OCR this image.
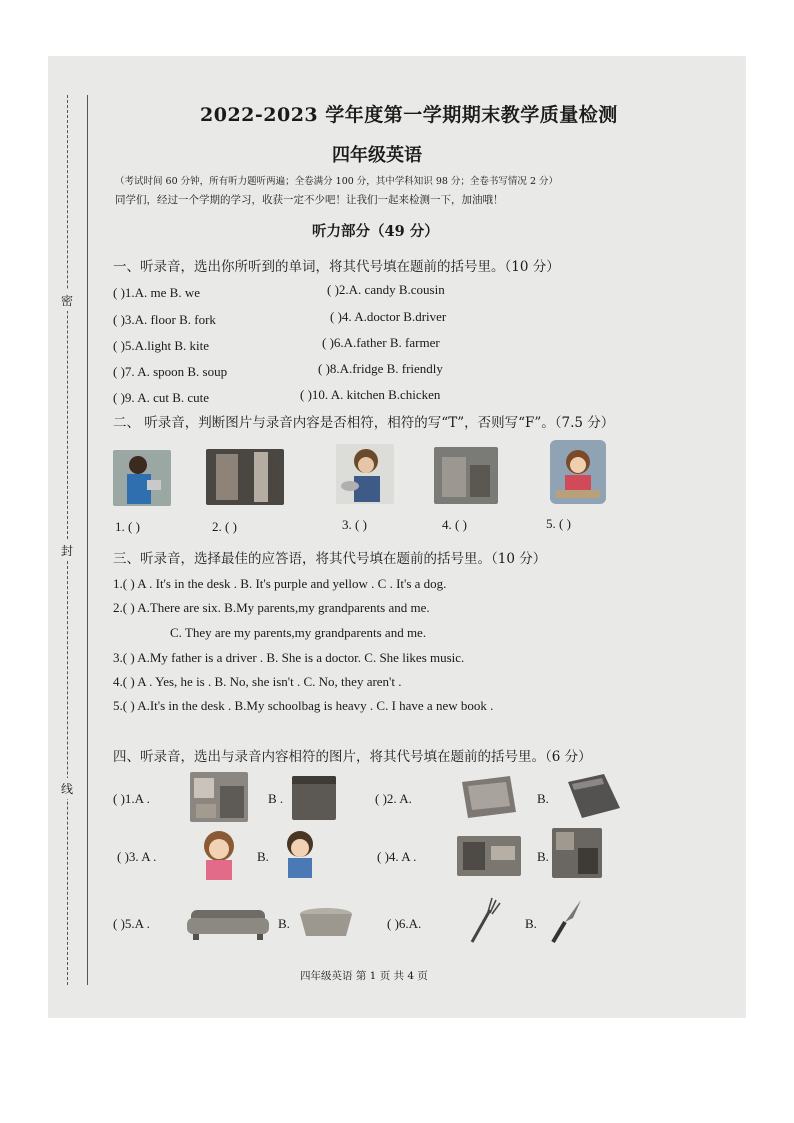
密
封
线
2022-2023 学年度第一学期期末教学质量检测
四年级英语
（考试时间 60 分钟，所有听力题听两遍；全卷满分 100 分，其中学科知识 98 分；全卷书写情况 2 分）
同学们，经过一个学期的学习，收获一定不少吧！让我们一起来检测一下，加油哦！
听力部分（49 分）
一、听录音，选出你所听到的单词，将其代号填在题前的括号里。（10 分）
( )1.A. me B. we	( )2.A. candy B.cousin
( )3.A. floor B. fork	( )4. A.doctor B.driver
( )5.A.light B. kite	( )6.A.father B. farmer
( )7. A. spoon B. soup	( )8.A.fridge B. friendly
( )9. A. cut B. cute	( )10. A. kitchen B.chicken
二、 听录音，判断图片与录音内容是否相符，相符的写“T”，否则写“F”。（7.5 分）
1. ( )	2. ( )	3. ( )	4. ( )	5. ( )
三、听录音，选择最佳的应答语，将其代号填在题前的括号里。（10 分）
1.( ) A . It's in the desk . B. It's purple and yellow . C . It's a dog.
2.( ) A.There are six. B.My parents,my grandparents and me.
C. They are my parents,my grandparents and me.
3.( ) A.My father is a driver . B. She is a doctor. C. She likes music.
4.( ) A . Yes, he is . B. No, she isn't . C. No, they aren't .
5.( ) A.It's in the desk . B.My schoolbag is heavy . C. I have a new book .
四、听录音，选出与录音内容相符的图片，将其代号填在题前的括号里。（6 分）
( )1.A .	B .	( )2. A.	B.
( )3. A .	B.	( )4. A .	B.
( )5.A .	B.	( )6.A.	B.
四年级英语 第 1 页 共 4 页
